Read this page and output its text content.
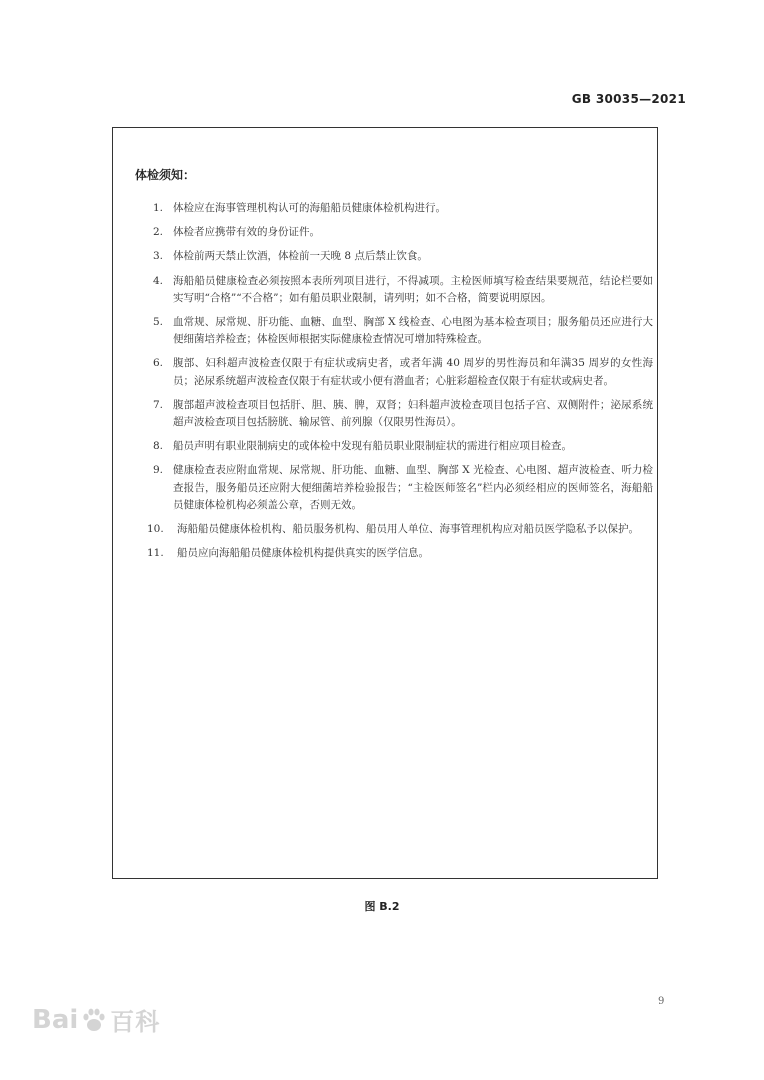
GB 30035—2021
体检须知：
1. 体检应在海事管理机构认可的海船船员健康体检机构进行。
2. 体检者应携带有效的身份证件。
3. 体检前两天禁止饮酒，体检前一天晚 8 点后禁止饮食。
4. 海船船员健康检查必须按照本表所列项目进行，不得减项。主检医师填写检查结果要规范，结论栏要如实写明“合格”“不合格”；如有船员职业限制，请列明；如不合格，简要说明原因。
5. 血常规、尿常规、肝功能、血糖、血型、胸部 X 线检查、心电图为基本检查项目；服务船员还应进行大便细菌培养检查；体检医师根据实际健康检查情况可增加特殊检查。
6. 腹部、妇科超声波检查仅限于有症状或病史者，或者年满 40 周岁的男性海员和年满35 周岁的女性海员；泌尿系统超声波检查仅限于有症状或小便有潜血者；心脏彩超检查仅限于有症状或病史者。
7. 腹部超声波检查项目包括肝、胆、胰、脾，双肾；妇科超声波检查项目包括子宫、双侧附件；泌尿系统超声波检查项目包括膀胱、输尿管、前列腺（仅限男性海员）。
8. 船员声明有职业限制病史的或体检中发现有船员职业限制症状的需进行相应项目检查。
9. 健康检查表应附血常规、尿常规、肝功能、血糖、血型、胸部 X 光检查、心电图、超声波检查、听力检查报告，服务船员还应附大便细菌培养检验报告；“主检医师签名”栏内必须经相应的医师签名，海船船员健康体检机构必须盖公章，否则无效。
10. 海船船员健康体检机构、船员服务机构、船员用人单位、海事管理机构应对船员医学隐私予以保护。
11. 船员应向海船船员健康体检机构提供真实的医学信息。
图 B.2
9
Bai 百科
